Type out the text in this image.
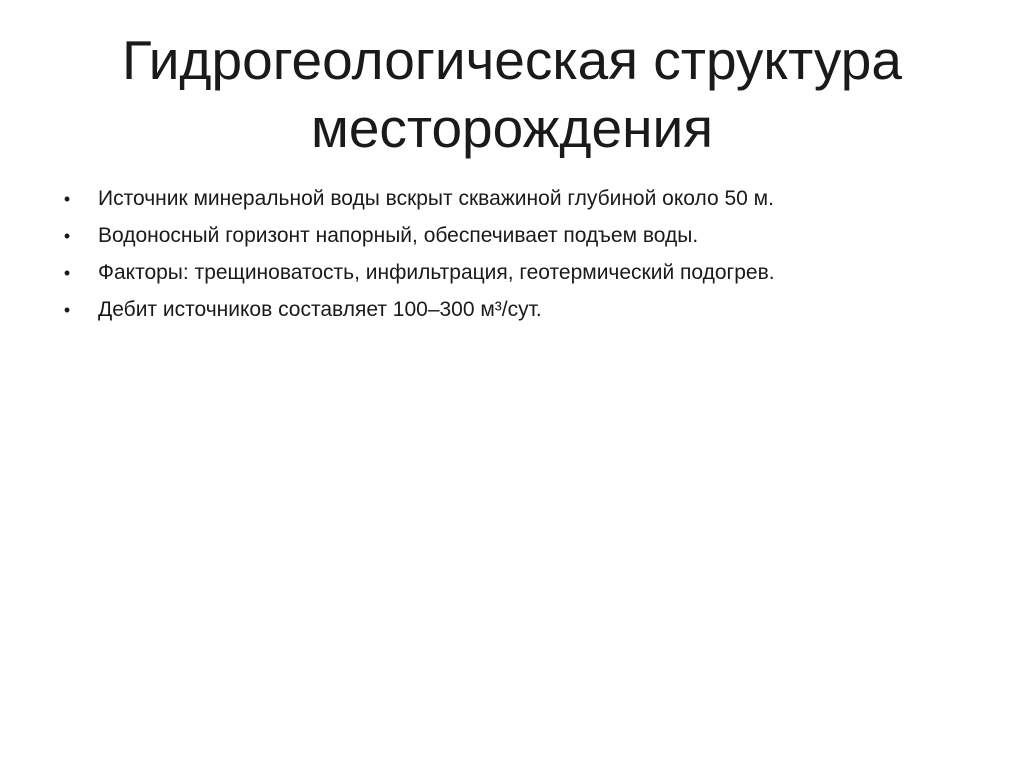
Гидрогеологическая структура
месторождения
• Источник минеральной воды вскрыт скважиной глубиной около 50 м.
• Водоносный горизонт напорный, обеспечивает подъем воды.
• Факторы: трещиноватость, инфильтрация, геотермический подогрев.
• Дебит источников составляет 100–300 м³/сут.
